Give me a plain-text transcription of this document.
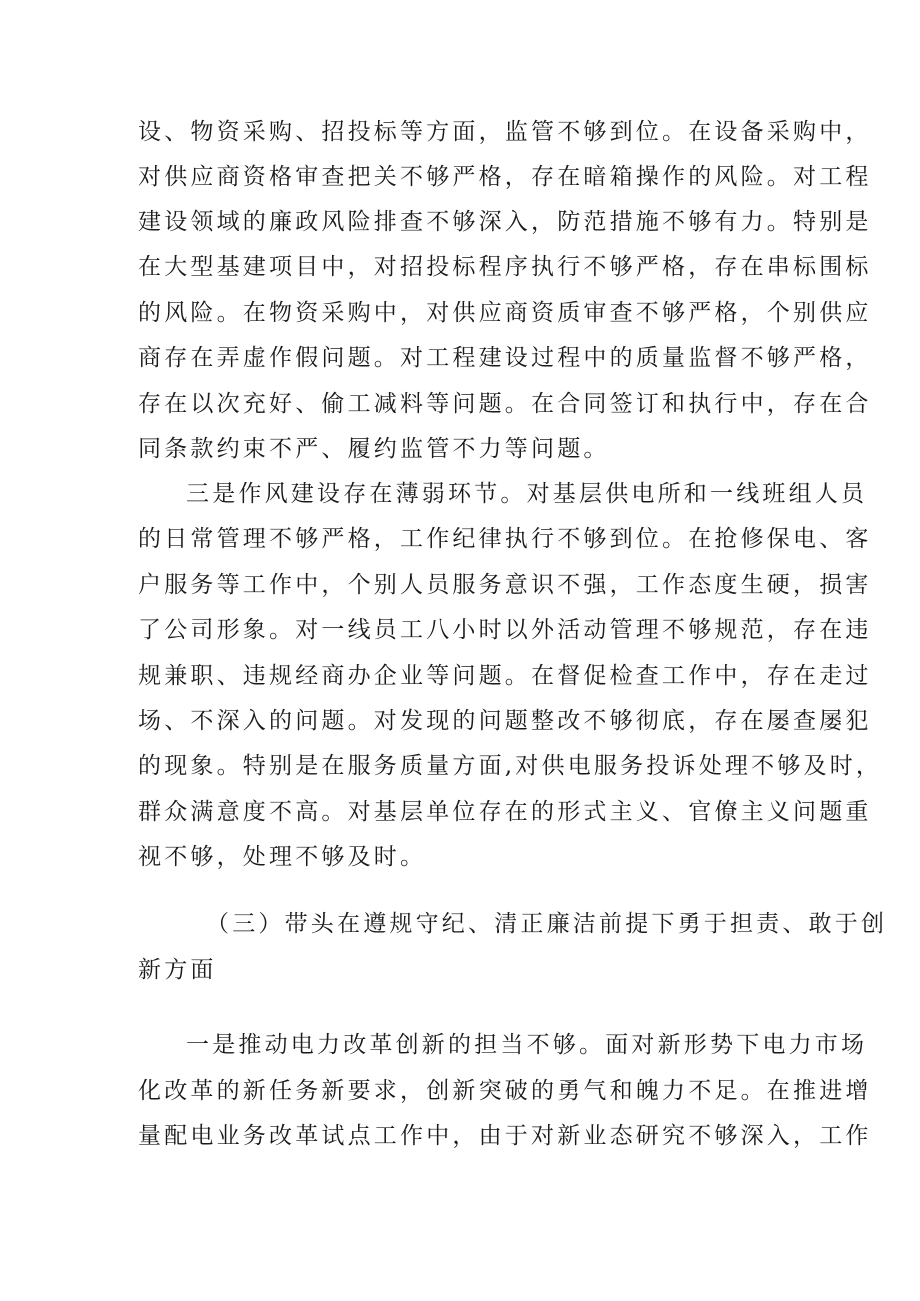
设、物资采购、招投标等方面，监管不够到位。在设备采购中，
对供应商资格审查把关不够严格，存在暗箱操作的风险。对工程
建设领域的廉政风险排查不够深入，防范措施不够有力。特别是
在大型基建项目中，对招投标程序执行不够严格，存在串标围标
的风险。在物资采购中，对供应商资质审查不够严格，个别供应
商存在弄虚作假问题。对工程建设过程中的质量监督不够严格，
存在以次充好、偷工减料等问题。在合同签订和执行中，存在合
同条款约束不严、履约监管不力等问题。
三是作风建设存在薄弱环节。对基层供电所和一线班组人员
的日常管理不够严格，工作纪律执行不够到位。在抢修保电、客
户服务等工作中，个别人员服务意识不强，工作态度生硬，损害
了公司形象。对一线员工八小时以外活动管理不够规范，存在违
规兼职、违规经商办企业等问题。在督促检查工作中，存在走过
场、不深入的问题。对发现的问题整改不够彻底，存在屡查屡犯
的现象。特别是在服务质量方面,对供电服务投诉处理不够及时，
群众满意度不高。对基层单位存在的形式主义、官僚主义问题重
视不够，处理不够及时。
（三）带头在遵规守纪、清正廉洁前提下勇于担责、敢于创
新方面
一是推动电力改革创新的担当不够。面对新形势下电力市场
化改革的新任务新要求，创新突破的勇气和魄力不足。在推进增
量配电业务改革试点工作中，由于对新业态研究不够深入，工作
